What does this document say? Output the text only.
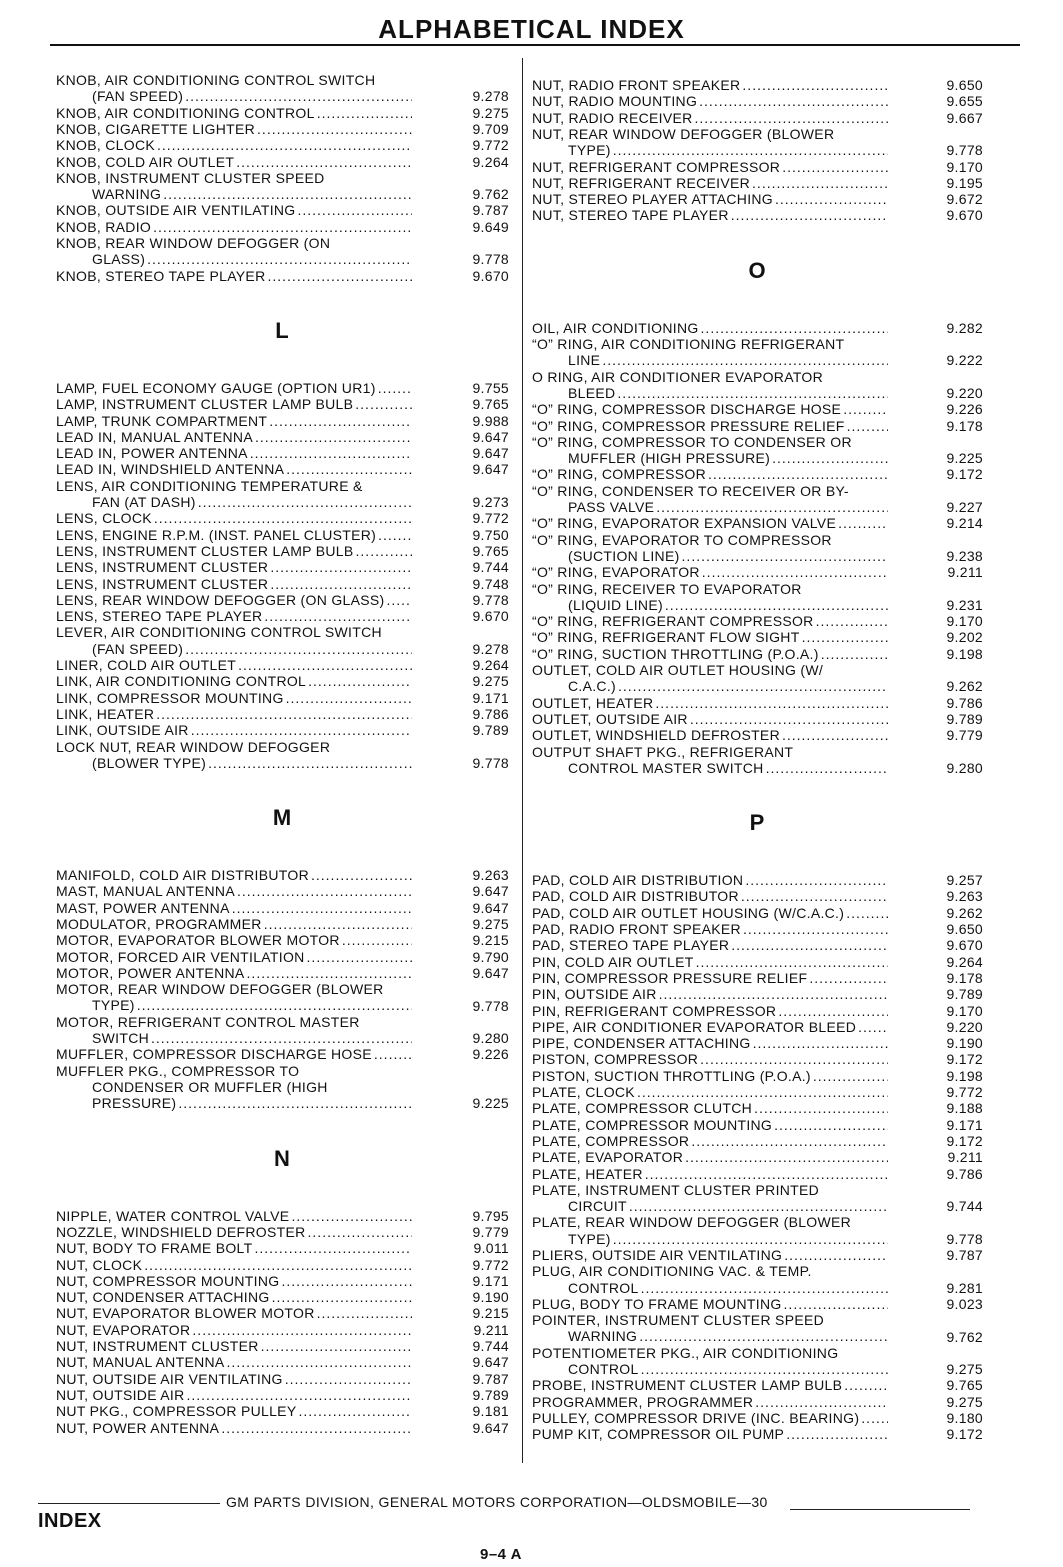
ALPHABETICAL INDEX
KNOB, AIR CONDITIONING CONTROL SWITCH
(FAN SPEED) .....	9.278
KNOB, AIR CONDITIONING CONTROL .....	9.275
KNOB, CIGARETTE LIGHTER .....	9.709
KNOB, CLOCK .....	9.772
KNOB, COLD AIR OUTLET .....	9.264
KNOB, INSTRUMENT CLUSTER SPEED
WARNING .....	9.762
KNOB, OUTSIDE AIR VENTILATING .....	9.787
KNOB, RADIO .....	9.649
KNOB, REAR WINDOW DEFOGGER (ON
GLASS) .....	9.778
KNOB, STEREO TAPE PLAYER .....	9.670
L
LAMP, FUEL ECONOMY GAUGE (OPTION UR1) .....	9.755
LAMP, INSTRUMENT CLUSTER LAMP BULB .....	9.765
LAMP, TRUNK COMPARTMENT .....	9.988
LEAD IN, MANUAL ANTENNA .....	9.647
LEAD IN, POWER ANTENNA .....	9.647
LEAD IN, WINDSHIELD ANTENNA .....	9.647
LENS, AIR CONDITIONING TEMPERATURE &
FAN (AT DASH) .....	9.273
LENS, CLOCK .....	9.772
LENS, ENGINE R.P.M. (INST. PANEL CLUSTER) .....	9.750
LENS, INSTRUMENT CLUSTER LAMP BULB .....	9.765
LENS, INSTRUMENT CLUSTER .....	9.744
LENS, INSTRUMENT CLUSTER .....	9.748
LENS, REAR WINDOW DEFOGGER (ON GLASS) .....	9.778
LENS, STEREO TAPE PLAYER .....	9.670
LEVER, AIR CONDITIONING CONTROL SWITCH
(FAN SPEED) .....	9.278
LINER, COLD AIR OUTLET .....	9.264
LINK, AIR CONDITIONING CONTROL .....	9.275
LINK, COMPRESSOR MOUNTING .....	9.171
LINK, HEATER .....	9.786
LINK, OUTSIDE AIR .....	9.789
LOCK NUT, REAR WINDOW DEFOGGER
(BLOWER TYPE) .....	9.778
M
MANIFOLD, COLD AIR DISTRIBUTOR .....	9.263
MAST, MANUAL ANTENNA .....	9.647
MAST, POWER ANTENNA .....	9.647
MODULATOR, PROGRAMMER .....	9.275
MOTOR, EVAPORATOR BLOWER MOTOR .....	9.215
MOTOR, FORCED AIR VENTILATION .....	9.790
MOTOR, POWER ANTENNA .....	9.647
MOTOR, REAR WINDOW DEFOGGER (BLOWER
TYPE) .....	9.778
MOTOR, REFRIGERANT CONTROL MASTER
SWITCH .....	9.280
MUFFLER, COMPRESSOR DISCHARGE HOSE .....	9.226
MUFFLER PKG., COMPRESSOR TO
CONDENSER OR MUFFLER (HIGH
PRESSURE) .....	9.225
N
NIPPLE, WATER CONTROL VALVE .....	9.795
NOZZLE, WINDSHIELD DEFROSTER .....	9.779
NUT, BODY TO FRAME BOLT .....	9.011
NUT, CLOCK .....	9.772
NUT, COMPRESSOR MOUNTING .....	9.171
NUT, CONDENSER ATTACHING .....	9.190
NUT, EVAPORATOR BLOWER MOTOR .....	9.215
NUT, EVAPORATOR .....	9.211
NUT, INSTRUMENT CLUSTER .....	9.744
NUT, MANUAL ANTENNA .....	9.647
NUT, OUTSIDE AIR VENTILATING .....	9.787
NUT, OUTSIDE AIR .....	9.789
NUT PKG., COMPRESSOR PULLEY .....	9.181
NUT, POWER ANTENNA .....	9.647
NUT, RADIO FRONT SPEAKER .....	9.650
NUT, RADIO MOUNTING .....	9.655
NUT, RADIO RECEIVER .....	9.667
NUT, REAR WINDOW DEFOGGER (BLOWER
TYPE) .....	9.778
NUT, REFRIGERANT COMPRESSOR .....	9.170
NUT, REFRIGERANT RECEIVER .....	9.195
NUT, STEREO PLAYER ATTACHING .....	9.672
NUT, STEREO TAPE PLAYER .....	9.670
O
OIL, AIR CONDITIONING .....	9.282
“O” RING, AIR CONDITIONING REFRIGERANT
LINE .....	9.222
O RING, AIR CONDITIONER EVAPORATOR
BLEED .....	9.220
“O” RING, COMPRESSOR DISCHARGE HOSE .....	9.226
“O” RING, COMPRESSOR PRESSURE RELIEF .....	9.178
“O” RING, COMPRESSOR TO CONDENSER OR
MUFFLER (HIGH PRESSURE) .....	9.225
“O” RING, COMPRESSOR .....	9.172
“O” RING, CONDENSER TO RECEIVER OR BY-
PASS VALVE .....	9.227
“O” RING, EVAPORATOR EXPANSION VALVE .....	9.214
“O” RING, EVAPORATOR TO COMPRESSOR
(SUCTION LINE) .....	9.238
“O” RING, EVAPORATOR .....	9.211
“O” RING, RECEIVER TO EVAPORATOR
(LIQUID LINE) .....	9.231
“O” RING, REFRIGERANT COMPRESSOR .....	9.170
“O” RING, REFRIGERANT FLOW SIGHT .....	9.202
“O” RING, SUCTION THROTTLING (P.O.A.) .....	9.198
OUTLET, COLD AIR OUTLET HOUSING (W/
C.A.C.) .....	9.262
OUTLET, HEATER .....	9.786
OUTLET, OUTSIDE AIR .....	9.789
OUTLET, WINDSHIELD DEFROSTER .....	9.779
OUTPUT SHAFT PKG., REFRIGERANT
CONTROL MASTER SWITCH .....	9.280
P
PAD, COLD AIR DISTRIBUTION .....	9.257
PAD, COLD AIR DISTRIBUTOR .....	9.263
PAD, COLD AIR OUTLET HOUSING (W/C.A.C.) .....	9.262
PAD, RADIO FRONT SPEAKER .....	9.650
PAD, STEREO TAPE PLAYER .....	9.670
PIN, COLD AIR OUTLET .....	9.264
PIN, COMPRESSOR PRESSURE RELIEF .....	9.178
PIN, OUTSIDE AIR .....	9.789
PIN, REFRIGERANT COMPRESSOR .....	9.170
PIPE, AIR CONDITIONER EVAPORATOR BLEED .....	9.220
PIPE, CONDENSER ATTACHING .....	9.190
PISTON, COMPRESSOR .....	9.172
PISTON, SUCTION THROTTLING (P.O.A.) .....	9.198
PLATE, CLOCK .....	9.772
PLATE, COMPRESSOR CLUTCH .....	9.188
PLATE, COMPRESSOR MOUNTING .....	9.171
PLATE, COMPRESSOR .....	9.172
PLATE, EVAPORATOR .....	9.211
PLATE, HEATER .....	9.786
PLATE, INSTRUMENT CLUSTER PRINTED
CIRCUIT .....	9.744
PLATE, REAR WINDOW DEFOGGER (BLOWER
TYPE) .....	9.778
PLIERS, OUTSIDE AIR VENTILATING .....	9.787
PLUG, AIR CONDITIONING VAC. & TEMP.
CONTROL .....	9.281
PLUG, BODY TO FRAME MOUNTING .....	9.023
POINTER, INSTRUMENT CLUSTER SPEED
WARNING .....	9.762
POTENTIOMETER PKG., AIR CONDITIONING
CONTROL .....	9.275
PROBE, INSTRUMENT CLUSTER LAMP BULB .....	9.765
PROGRAMMER, PROGRAMMER .....	9.275
PULLEY, COMPRESSOR DRIVE (INC. BEARING) .....	9.180
PUMP KIT, COMPRESSOR OIL PUMP .....	9.172
GM PARTS DIVISION, GENERAL MOTORS CORPORATION—OLDSMOBILE—30
INDEX
9–4 A
